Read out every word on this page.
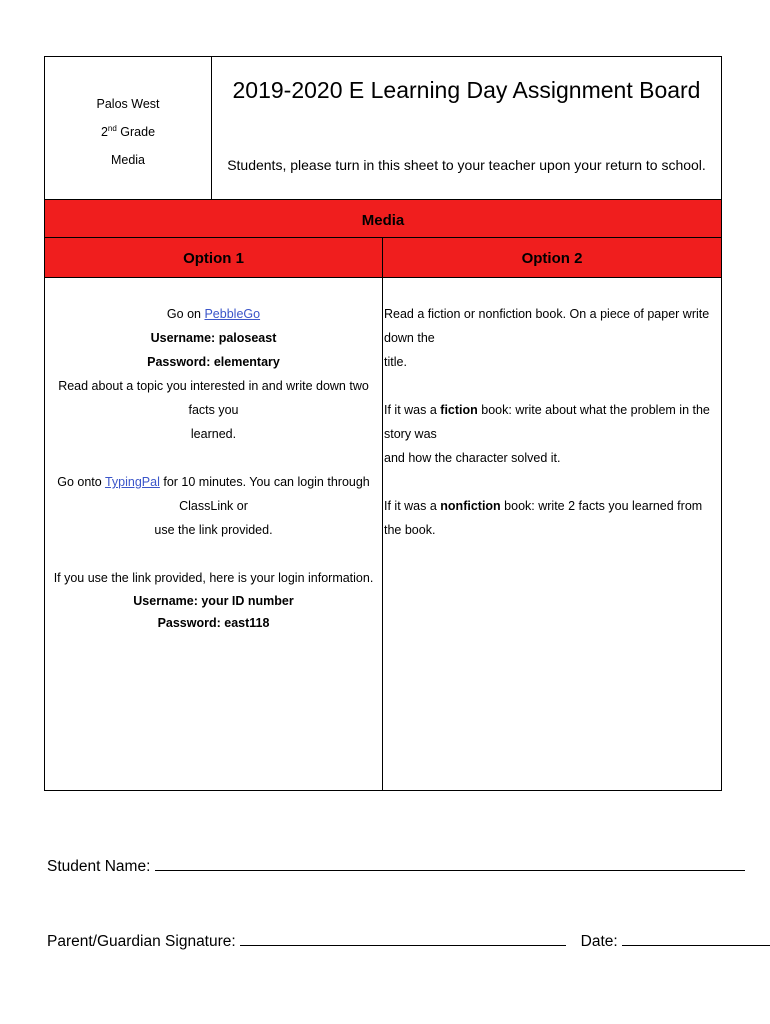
Palos West
2nd Grade
Media
2019-2020 E Learning Day Assignment Board
Students, please turn in this sheet to your teacher upon your return to school.
Media
Option 1	Option 2

Go on PebbleGo

Username: paloseast

Password: elementary

Read about a topic you interested in and write down two facts you

learned.

Go onto TypingPal for 10 minutes. You can login through ClassLink or

use the link provided.

If you use the link provided, here is your login information.

Username: your ID number

Password: east118

Read a fiction or nonfiction book. On a piece of paper write down the

title.

If it was a fiction book: write about what the problem in the story was

and how the character solved it.

If it was a nonfiction book: write 2 facts you learned from the book.

Student Name:
Parent/Guardian Signature:	Date:
